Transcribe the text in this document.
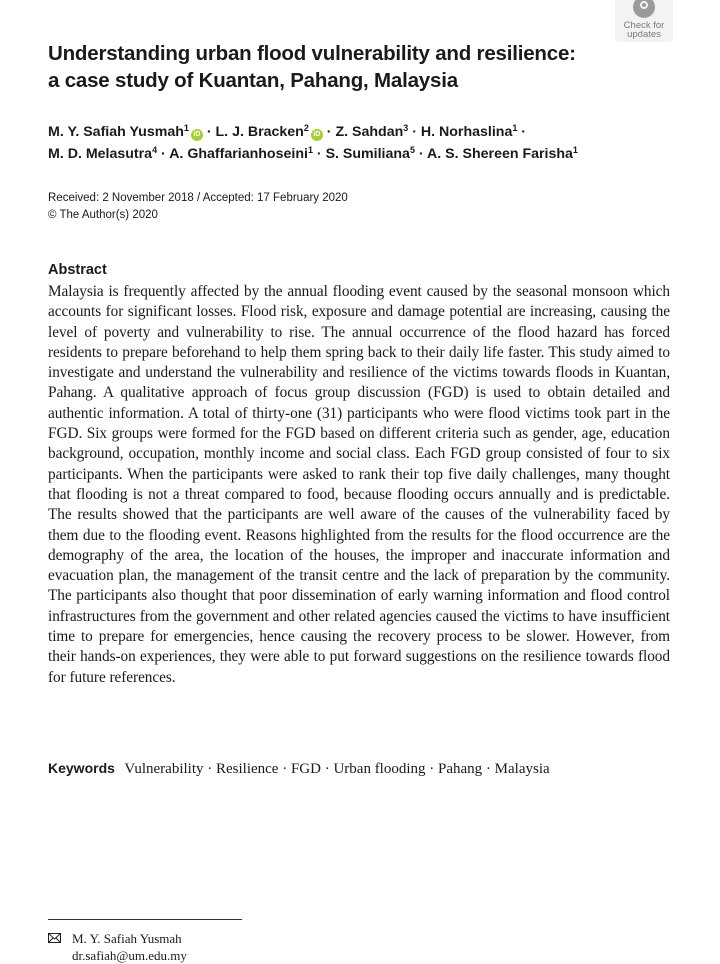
Check for
updates
Understanding urban flood vulnerability and resilience:
a case study of Kuantan, Pahang, Malaysia
M. Y. Safiah Yusmah$^1$iD · L. J. Bracken$^2$iD · Z. Sahdan$^3$ · H. Norhaslina$^1$ ·
M. D. Melasutra$^4$ · A. Ghaffarianhoseini$^1$ · S. Sumiliana$^5$ · A. S. Shereen Farisha$^1$
Received: 2 November 2018 / Accepted: 17 February 2020
© The Author(s) 2020
Abstract
Malaysia is frequently affected by the annual flooding event caused by the seasonal monsoon which accounts for significant losses. Flood risk, exposure and damage potential are increasing, causing the level of poverty and vulnerability to rise. The annual occurrence of the flood hazard has forced residents to prepare beforehand to help them spring back to their daily life faster. This study aimed to investigate and understand the vulnerability and resilience of the victims towards floods in Kuantan, Pahang. A qualitative approach of focus group discussion (FGD) is used to obtain detailed and authentic information. A total of thirty-one (31) participants who were flood victims took part in the FGD. Six groups were formed for the FGD based on different criteria such as gender, age, education background, occupation, monthly income and social class. Each FGD group consisted of four to six participants. When the participants were asked to rank their top five daily challenges, many thought that flooding is not a threat compared to food, because flooding occurs annually and is predictable. The results showed that the participants are well aware of the causes of the vulnerability faced by them due to the flooding event. Reasons highlighted from the results for the flood occurrence are the demography of the area, the location of the houses, the improper and inaccurate information and evacuation plan, the management of the transit centre and the lack of preparation by the community. The participants also thought that poor dissemination of early warning information and flood control infrastructures from the government and other related agencies caused the victims to have insufficient time to prepare for emergencies, hence causing the recovery process to be slower. However, from their hands-on experiences, they were able to put forward suggestions on the resilience towards flood for future references.
Keywords Vulnerability · Resilience · FGD · Urban flooding · Pahang · Malaysia
M. Y. Safiah Yusmah
dr.safiah@um.edu.my
